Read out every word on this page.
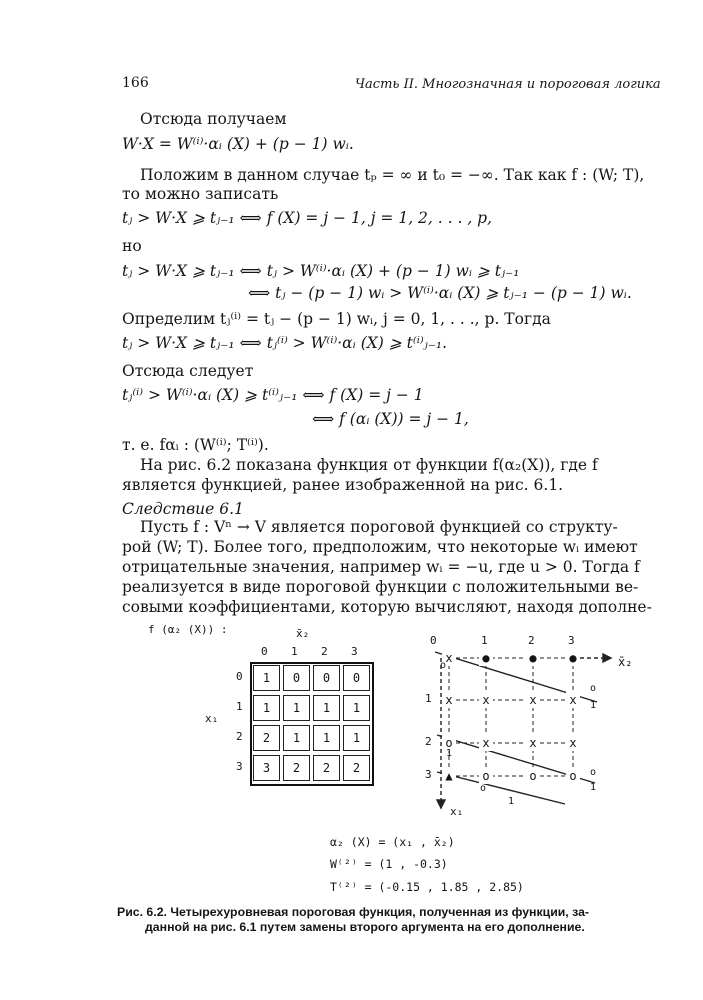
166	Часть II. Многозначная и пороговая логика
Отсюда получаем
W·X = W⁽ⁱ⁾·αᵢ (X) + (p − 1) wᵢ.
Положим в данном случае tₚ = ∞ и t₀ = −∞. Так как f : (W; T),
то можно записать
tⱼ > W·X ⩾ tⱼ₋₁ ⟺ f (X) = j − 1, j = 1, 2, . . . , p,
но
tⱼ > W·X ⩾ tⱼ₋₁ ⟺ tⱼ > W⁽ⁱ⁾·αᵢ (X) + (p − 1) wᵢ ⩾ tⱼ₋₁
⟺ tⱼ − (p − 1) wᵢ > W⁽ⁱ⁾·αᵢ (X) ⩾ tⱼ₋₁ − (p − 1) wᵢ.
Определим tⱼ⁽ⁱ⁾ = tⱼ − (p − 1) wᵢ, j = 0, 1, . . ., p. Тогда
tⱼ > W·X ⩾ tⱼ₋₁ ⟺ tⱼ⁽ⁱ⁾ > W⁽ⁱ⁾·αᵢ (X) ⩾ t⁽ⁱ⁾ⱼ₋₁.
Отсюда следует
tⱼ⁽ⁱ⁾ > W⁽ⁱ⁾·αᵢ (X) ⩾ t⁽ⁱ⁾ⱼ₋₁ ⟺ f (X) = j − 1
⟺ f (αᵢ (X)) = j − 1,
т. е. fαᵢ : (W⁽ⁱ⁾; T⁽ⁱ⁾).
На рис. 6.2 показана функция от функции f(α₂(X)), где f
является функцией, ранее изображенной на рис. 6.1.
Следствие 6.1
Пусть f : Vⁿ → V является пороговой функцией со структу-
рой (W; T). Более того, предположим, что некоторые wᵢ имеют
отрицательные значения, например wᵢ = −u, где u > 0. Тогда f
реализуется в виде пороговой функции с положительными ве-
совыми коэффициентами, которую вычисляют, находя дополне-
f (α₂ (X)) :	x̄₂
x₁
x̄₂
x₁
α₂ (X) = (x₁ , x̄₂)
W⁽²⁾ = (1 , -0.3)
T⁽²⁾ = (-0.15 , 1.85 , 2.85)
Рис. 6.2. Четырехуровневая пороговая функция, полученная из функции, за-
данной на рис. 6.1 путем замены второго аргумента на его дополнение.
0 1 2 3
0
1
2
3
1	0	0	0
1	1	1	1
2	1	1	1
3	2	2	2
x ●	●	●
x x	x	x
o x	x	x
▲ o	o	o
0	1	2	3
1
2
3
o
1
o
1
o
1
o
1
